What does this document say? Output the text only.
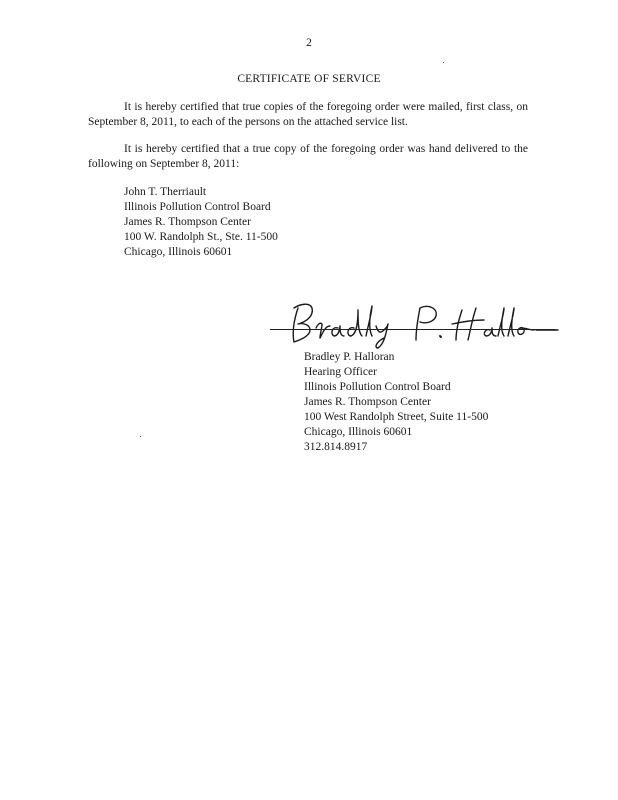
2
CERTIFICATE OF SERVICE

It is hereby certified that true copies of the foregoing order were mailed, first class, on September 8, 2011, to each of the persons on the attached service list.

It is hereby certified that a true copy of the foregoing order was hand delivered to the following on September 8, 2011:

John T. Therriault
Illinois Pollution Control Board
James R. Thompson Center
100 W. Randolph St., Ste. 11-500
Chicago, Illinois 60601
Bradley P. Halloran
Hearing Officer
Illinois Pollution Control Board
James R. Thompson Center
100 West Randolph Street, Suite 11-500
Chicago, Illinois 60601
312.814.8917
